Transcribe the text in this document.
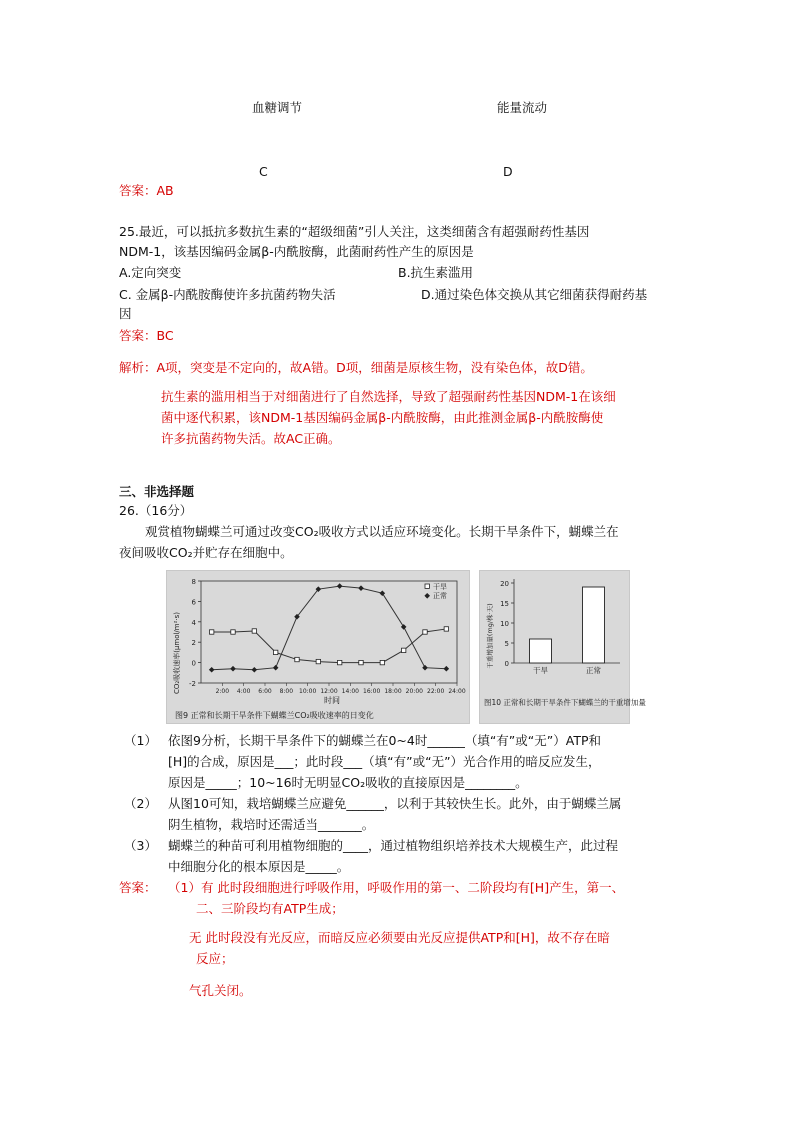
血糖调节	能量流动
C	D
答案：AB
25.最近，可以抵抗多数抗生素的“超级细菌”引人关注，这类细菌含有超强耐药性基因
NDM-1，该基因编码金属β-内酰胺酶，此菌耐药性产生的原因是
A.定向突变	B.抗生素滥用
C. 金属β-内酰胺酶使许多抗菌药物失活	D.通过染色体交换从其它细菌获得耐药基
因
答案：BC
解析：A项，突变是不定向的，故A错。D项，细菌是原核生物，没有染色体，故D错。
抗生素的滥用相当于对细菌进行了自然选择，导致了超强耐药性基因NDM-1在该细
菌中逐代积累，该NDM-1基因编码金属β-内酰胺酶，由此推测金属β-内酰胺酶使
许多抗菌药物失活。故AC正确。
三、非选择题
26.（16分）
观赏植物蝴蝶兰可通过改变CO₂吸收方式以适应环境变化。长期干旱条件下，蝴蝶兰在
夜间吸收CO₂并贮存在细胞中。
CO₂吸收速率(μmol/m²·s)
时间
图9 正常和长期干旱条件下蝴蝶兰CO₂吸收速率的日变化
-2
0
2
4
6
8
2:00 4:00 6:00 8:00 10:00 12:00 14:00 16:00 18:00 20:00 22:00 24:00
干旱
正常
干重增加量(mg/株·天)
图10 正常和长期干旱条件下蝴蝶兰的干重增加量
0
5
10
15
20
干旱	正常
（1） 依图9分析，长期干旱条件下的蝴蝶兰在0~4时______（填“有”或“无”）ATP和
[H]的合成，原因是___；此时段___（填“有”或“无”）光合作用的暗反应发生，
原因是_____；10~16时无明显CO₂吸收的直接原因是________。
（2） 从图10可知，栽培蝴蝶兰应避免______，以利于其较快生长。此外，由于蝴蝶兰属
阴生植物，栽培时还需适当_______。
（3） 蝴蝶兰的种苗可利用植物细胞的____，通过植物组织培养技术大规模生产，此过程
中细胞分化的根本原因是_____。
答案： （1）有 此时段细胞进行呼吸作用，呼吸作用的第一、二阶段均有[H]产生，第一、
二、三阶段均有ATP生成；
无 此时段没有光反应，而暗反应必须要由光反应提供ATP和[H]，故不存在暗
反应；
气孔关闭。
